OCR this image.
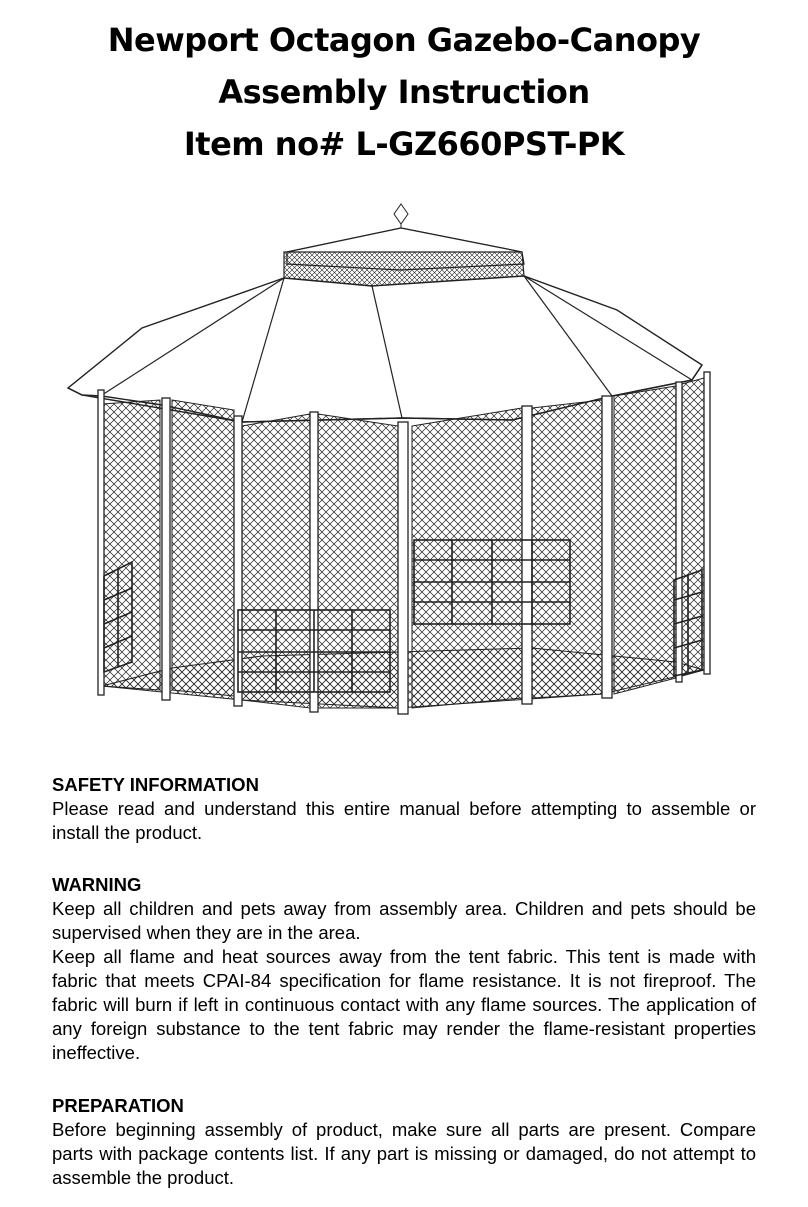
Newport Octagon Gazebo-Canopy
Assembly Instruction
Item no# L-GZ660PST-PK
SAFETY INFORMATION
Please read and understand this entire manual before attempting to assemble or install the product.
WARNING
Keep all children and pets away from assembly area. Children and pets should be supervised when they are in the area.
Keep all flame and heat sources away from the tent fabric. This tent is made with fabric that meets CPAI-84 specification for flame resistance. It is not fireproof. The fabric will burn if left in continuous contact with any flame sources. The application of any foreign substance to the tent fabric may render the flame-resistant properties ineffective.
PREPARATION
Before beginning assembly of product, make sure all parts are present. Compare parts with package contents list. If any part is missing or damaged, do not attempt to assemble the product.
